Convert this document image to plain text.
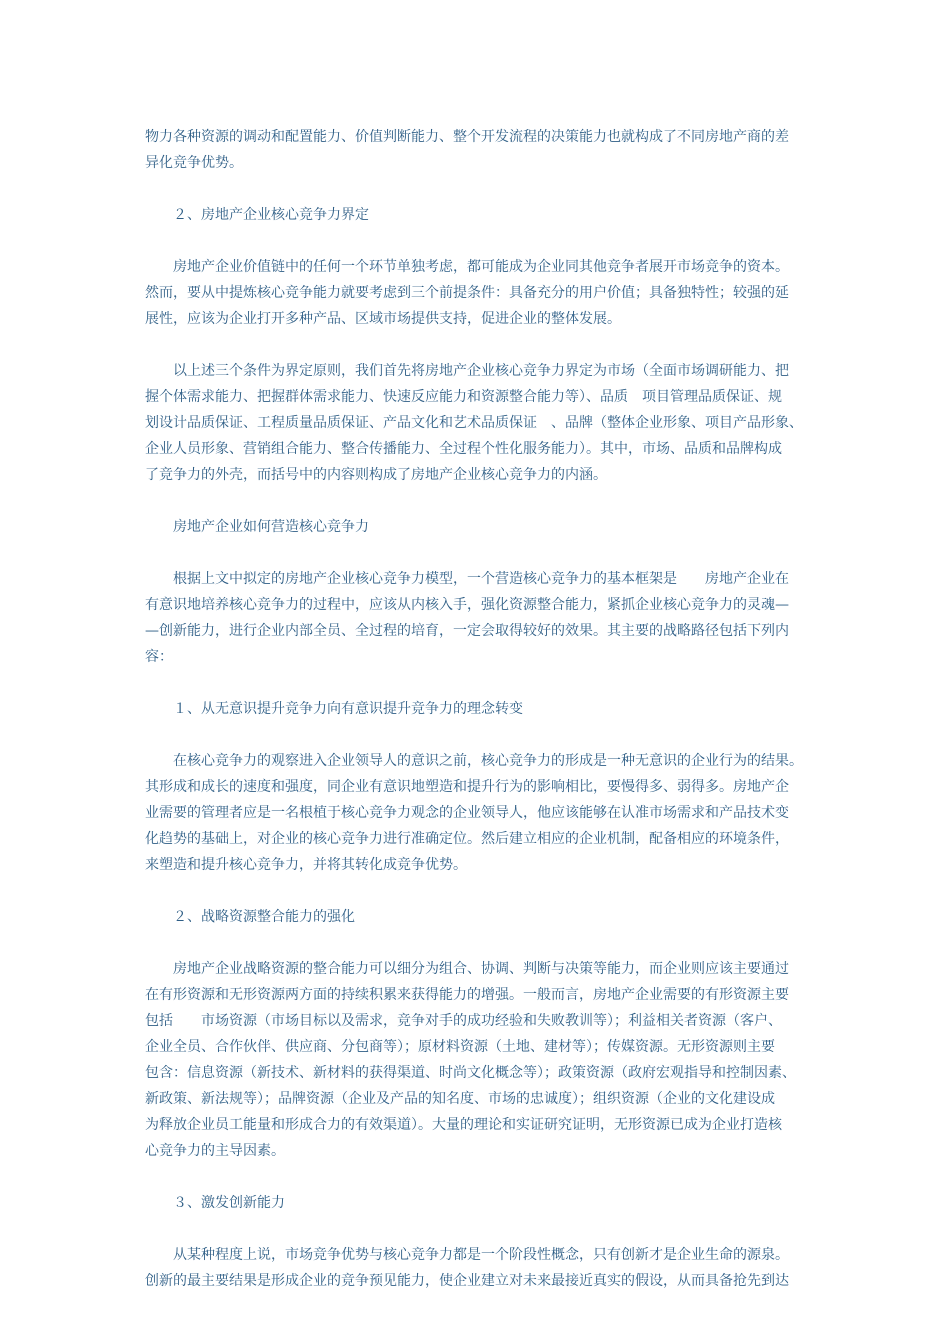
物力各种资源的调动和配置能力、价值判断能力、整个开发流程的决策能力也就构成了不同房地产商的差
异化竞争优势。
２、房地产企业核心竞争力界定
房地产企业价值链中的任何一个环节单独考虑，都可能成为企业同其他竞争者展开市场竞争的资本。
然而，要从中提炼核心竞争能力就要考虑到三个前提条件：具备充分的用户价值；具备独特性；较强的延
展性，应该为企业打开多种产品、区域市场提供支持，促进企业的整体发展。
以上述三个条件为界定原则，我们首先将房地产企业核心竞争力界定为市场（全面市场调研能力、把
握个体需求能力、把握群体需求能力、快速反应能力和资源整合能力等）、品质　项目管理品质保证、规
划设计品质保证、工程质量品质保证、产品文化和艺术品质保证　、品牌（整体企业形象、项目产品形象、
企业人员形象、营销组合能力、整合传播能力、全过程个性化服务能力）。其中，市场、品质和品牌构成
了竞争力的外壳，而括号中的内容则构成了房地产企业核心竞争力的内涵。
房地产企业如何营造核心竞争力
根据上文中拟定的房地产企业核心竞争力模型，一个营造核心竞争力的基本框架是　　房地产企业在
有意识地培养核心竞争力的过程中，应该从内核入手，强化资源整合能力，紧抓企业核心竞争力的灵魂—
—创新能力，进行企业内部全员、全过程的培育，一定会取得较好的效果。其主要的战略路径包括下列内
容：
１、从无意识提升竞争力向有意识提升竞争力的理念转变
在核心竞争力的观察进入企业领导人的意识之前，核心竞争力的形成是一种无意识的企业行为的结果。
其形成和成长的速度和强度，同企业有意识地塑造和提升行为的影响相比，要慢得多、弱得多。房地产企
业需要的管理者应是一名根植于核心竞争力观念的企业领导人，他应该能够在认准市场需求和产品技术变
化趋势的基础上，对企业的核心竞争力进行准确定位。然后建立相应的企业机制，配备相应的环境条件，
来塑造和提升核心竞争力，并将其转化成竞争优势。
２、战略资源整合能力的强化
房地产企业战略资源的整合能力可以细分为组合、协调、判断与决策等能力，而企业则应该主要通过
在有形资源和无形资源两方面的持续积累来获得能力的增强。一般而言，房地产企业需要的有形资源主要
包括　　市场资源（市场目标以及需求，竞争对手的成功经验和失败教训等）；利益相关者资源（客户、
企业全员、合作伙伴、供应商、分包商等）；原材料资源（土地、建材等）；传媒资源。无形资源则主要
包含：信息资源（新技术、新材料的获得渠道、时尚文化概念等）；政策资源（政府宏观指导和控制因素、
新政策、新法规等）；品牌资源（企业及产品的知名度、市场的忠诚度）；组织资源（企业的文化建设成
为释放企业员工能量和形成合力的有效渠道）。大量的理论和实证研究证明，无形资源已成为企业打造核
心竞争力的主导因素。
３、激发创新能力
从某种程度上说，市场竞争优势与核心竞争力都是一个阶段性概念，只有创新才是企业生命的源泉。
创新的最主要结果是形成企业的竞争预见能力，使企业建立对未来最接近真实的假设，从而具备抢先到达
